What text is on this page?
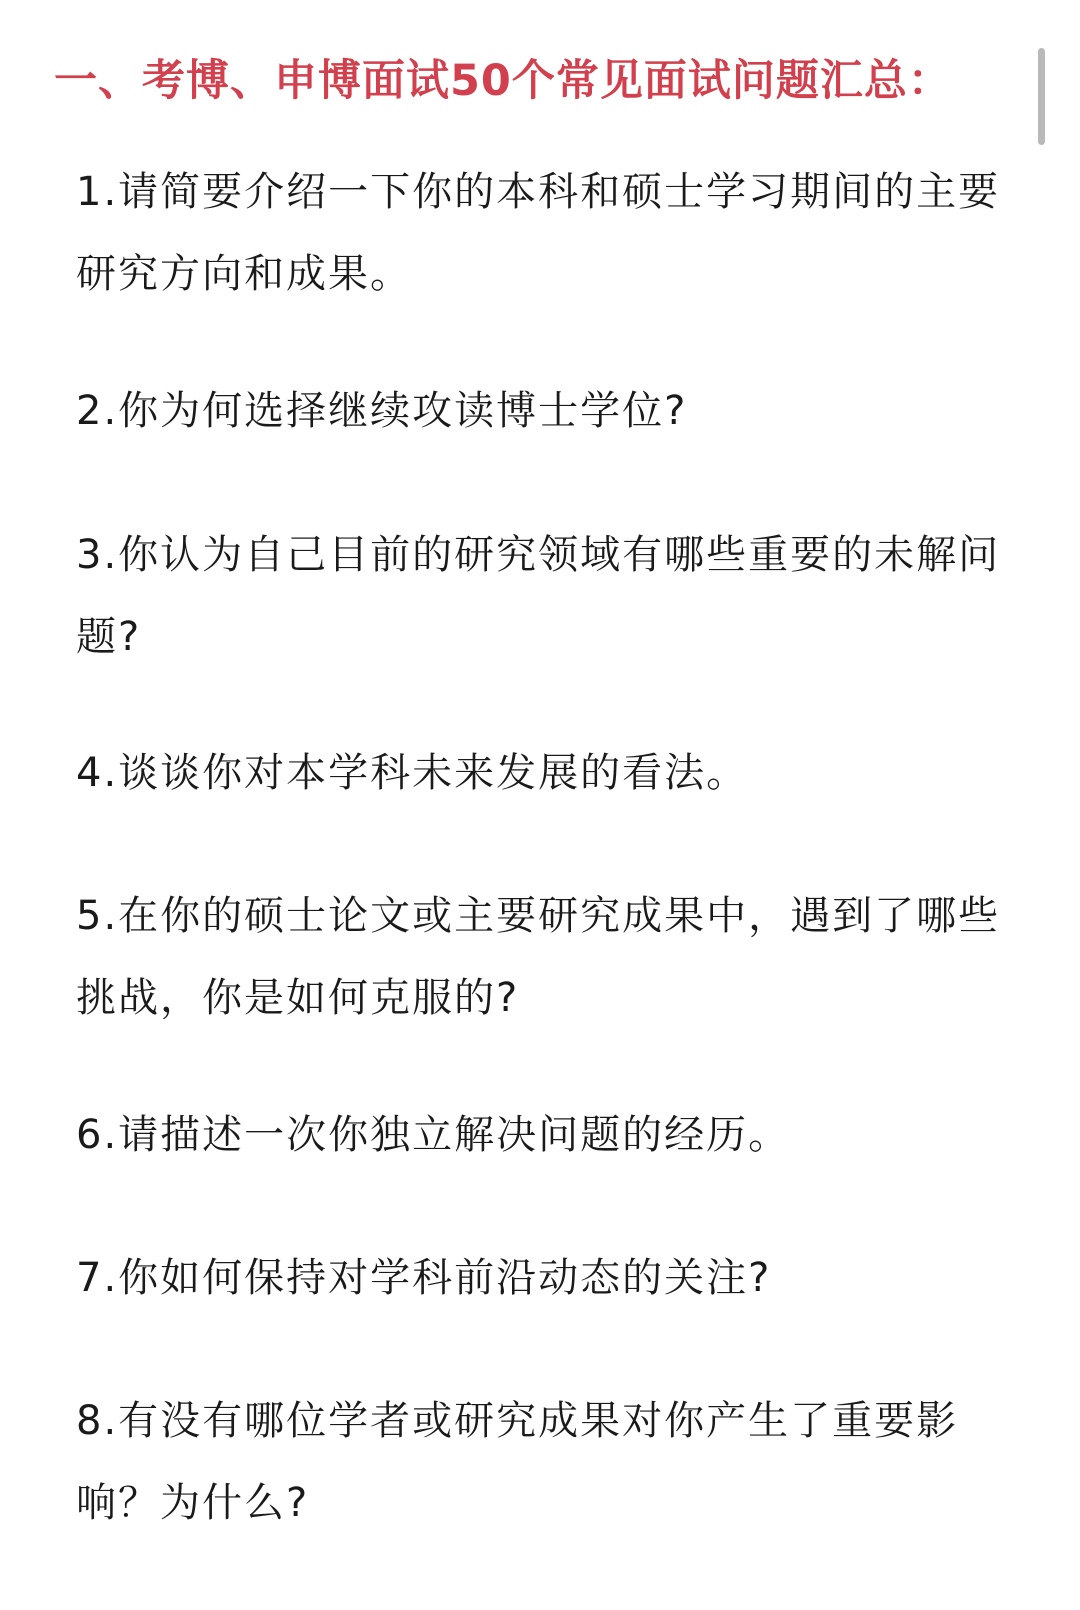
一、考博、申博面试50个常见面试问题汇总：
1.请简要介绍一下你的本科和硕士学习期间的主要研究方向和成果。
2.你为何选择继续攻读博士学位?
3.你认为自己目前的研究领域有哪些重要的未解问题?
4.谈谈你对本学科未来发展的看法。
5.在你的硕士论文或主要研究成果中，遇到了哪些挑战，你是如何克服的?
6.请描述一次你独立解决问题的经历。
7.你如何保持对学科前沿动态的关注?
8.有没有哪位学者或研究成果对你产生了重要影响？为什么?
